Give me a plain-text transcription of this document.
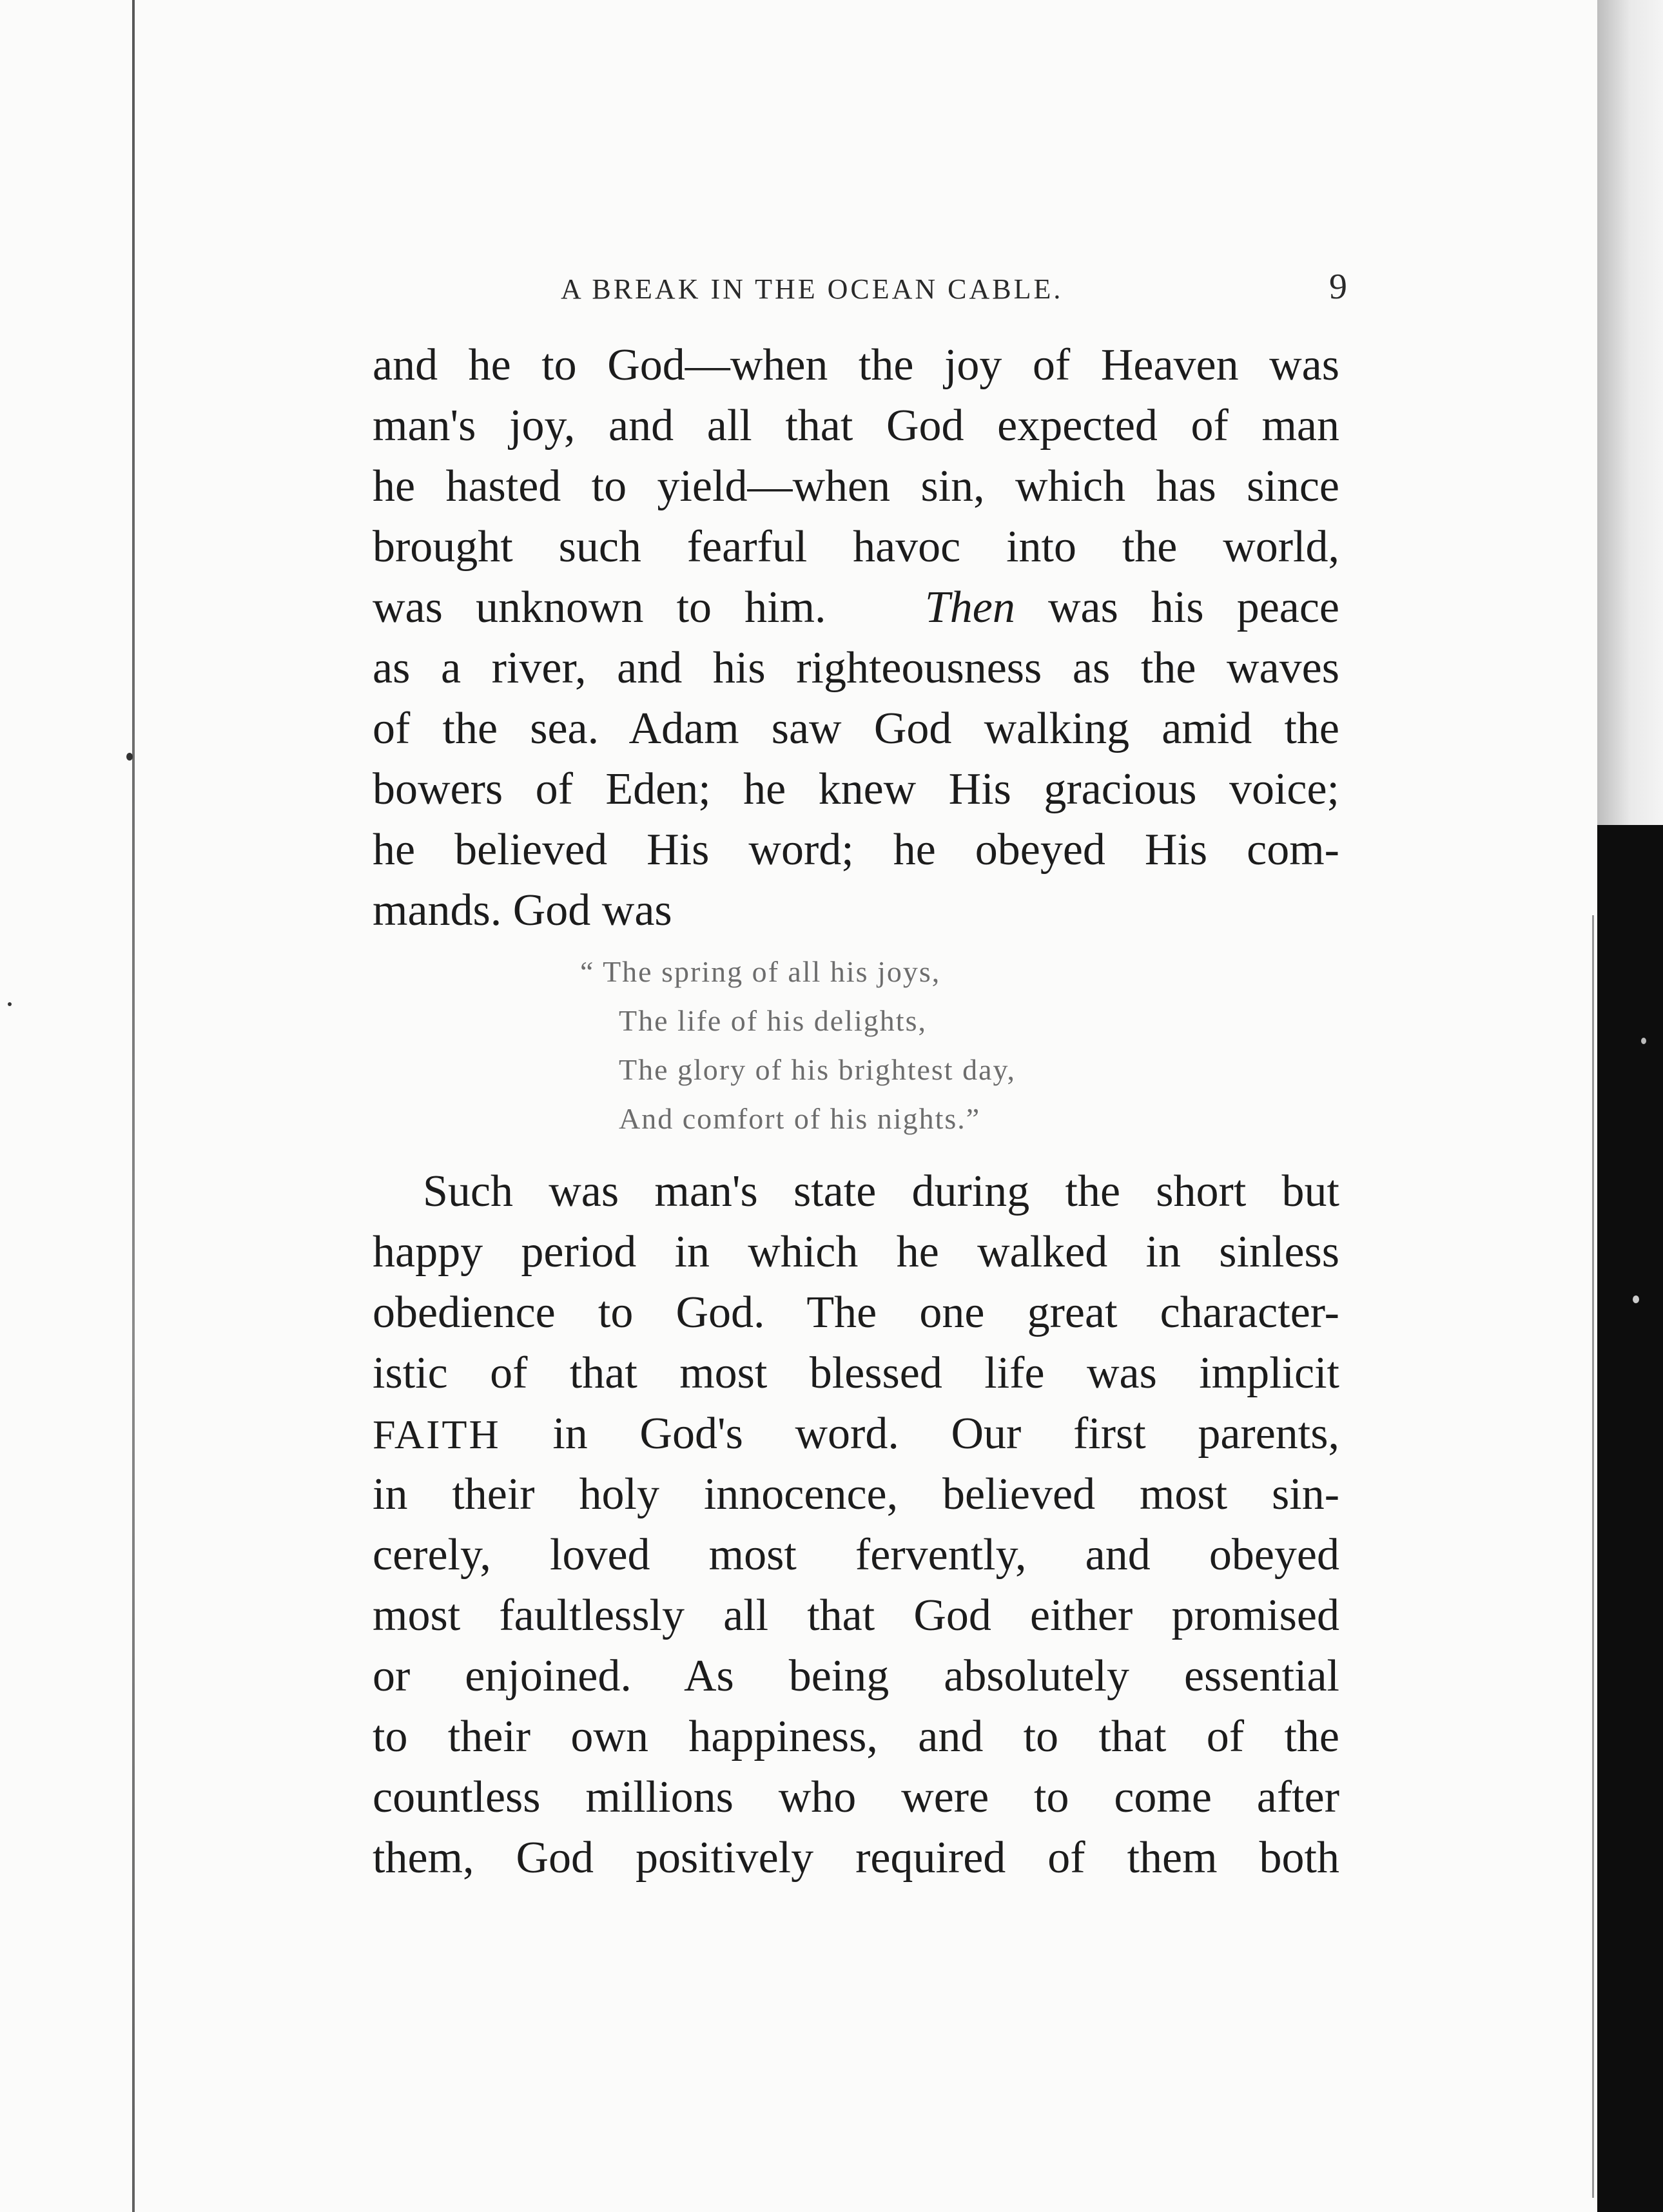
A BREAK IN THE OCEAN CABLE.	9
and he to God—when the joy of Heaven was
man's joy, and all that God expected of man
he hasted to yield—when sin, which has since
brought such fearful havoc into the world,
was unknown to him. Then was his peace
as a river, and his righteousness as the waves
of the sea. Adam saw God walking amid the
bowers of Eden; he knew His gracious voice;
he believed His word; he obeyed His com-
mands. God was
“ The spring of all his joys,
The life of his delights,
The glory of his brightest day,
And comfort of his nights.”
Such was man's state during the short but
happy period in which he walked in sinless
obedience to God. The one great character-
istic of that most blessed life was implicit
FAITH in God's word. Our first parents,
in their holy innocence, believed most sin-
cerely, loved most fervently, and obeyed
most faultlessly all that God either promised
or enjoined. As being absolutely essential
to their own happiness, and to that of the
countless millions who were to come after
them, God positively required of them both
